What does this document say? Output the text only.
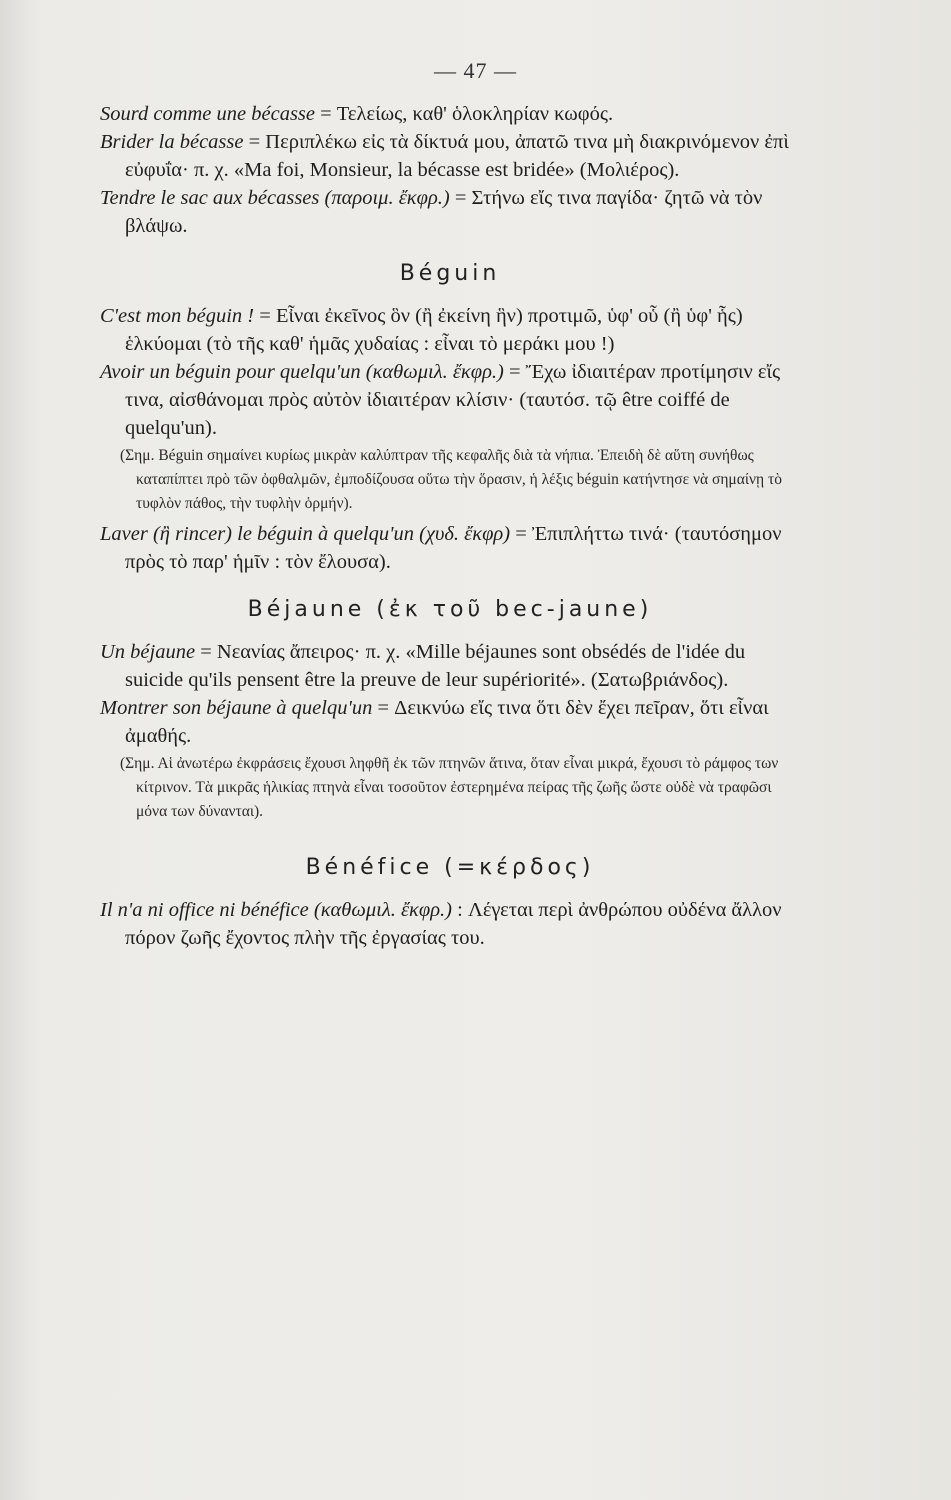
— 47 —

Sourd comme une bécasse = Τελείως, καθ' ὁλοκληρίαν κωφός.

Brider la bécasse = Περιπλέκω εἰς τὰ δίκτυά μου, ἀπατῶ τινα μὴ διακρινόμενον ἐπὶ εὐφυΐα· π. χ. «Ma foi, Monsieur, la bécasse est bridée» (Μολιέρος).

Tendre le sac aux bécasses (παροιμ. ἔκφρ.) = Στήνω εἴς τινα παγίδα· ζητῶ νὰ τὸν βλάψω.

Béguin

C'est mon béguin ! = Εἶναι ἐκεῖνος ὃν (ἢ ἐκείνη ἣν) προτιμῶ, ὑφ' οὗ (ἢ ὑφ' ἧς) ἑλκύομαι (τὸ τῆς καθ' ἡμᾶς χυδαίας : εἶναι τὸ μεράκι μου !)

Avoir un béguin pour quelqu'un (καθωμιλ. ἔκφρ.) = Ἔχω ἰδιαιτέραν προτίμησιν εἴς τινα, αἰσθάνομαι πρὸς αὐτὸν ἰδιαιτέραν κλίσιν· (ταυτόσ. τῷ être coiffé de quelqu'un).

(Σημ. Béguin σημαίνει κυρίως μικρὰν καλύπτραν τῆς κεφαλῆς διὰ τὰ νήπια. Ἐπειδὴ δὲ αὕτη συνήθως καταπίπτει πρὸ τῶν ὀφθαλμῶν, ἐμποδίζουσα οὕτω τὴν ὅρασιν, ἡ λέξις béguin κατήντησε νὰ σημαίνῃ τὸ τυφλὸν πάθος, τὴν τυφλὴν ὁρμήν).

Laver (ἢ rincer) le béguin à quelqu'un (χυδ. ἔκφρ) = Ἐπιπλήττω τινά· (ταυτόσημον πρὸς τὸ παρ' ἡμῖν : τὸν ἔλουσα).

Béjaune (ἐκ τοῦ bec-jaune)

Un béjaune = Νεανίας ἄπειρος· π. χ. «Mille béjaunes sont obsédés de l'idée du suicide qu'ils pensent être la preuve de leur supériorité». (Σατωβριάνδος).

Montrer son béjaune à quelqu'un = Δεικνύω εἴς τινα ὅτι δὲν ἔχει πεῖραν, ὅτι εἶναι ἀμαθής.

(Σημ. Αἱ ἀνωτέρω ἐκφράσεις ἔχουσι ληφθῆ ἐκ τῶν πτηνῶν ἅτινα, ὅταν εἶναι μικρά, ἔχουσι τὸ ράμφος των κίτρινον. Τὰ μικρᾶς ἡλικίας πτηνὰ εἶναι τοσοῦτον ἐστερημένα πείρας τῆς ζωῆς ὥστε οὐδὲ νὰ τραφῶσι μόνα των δύνανται).

Bénéfice (=κέρδος)

Il n'a ni office ni bénéfice (καθωμιλ. ἔκφρ.) : Λέγεται περὶ ἀνθρώπου οὐδένα ἄλλον πόρον ζωῆς ἔχοντος πλὴν τῆς ἐργασίας του.
